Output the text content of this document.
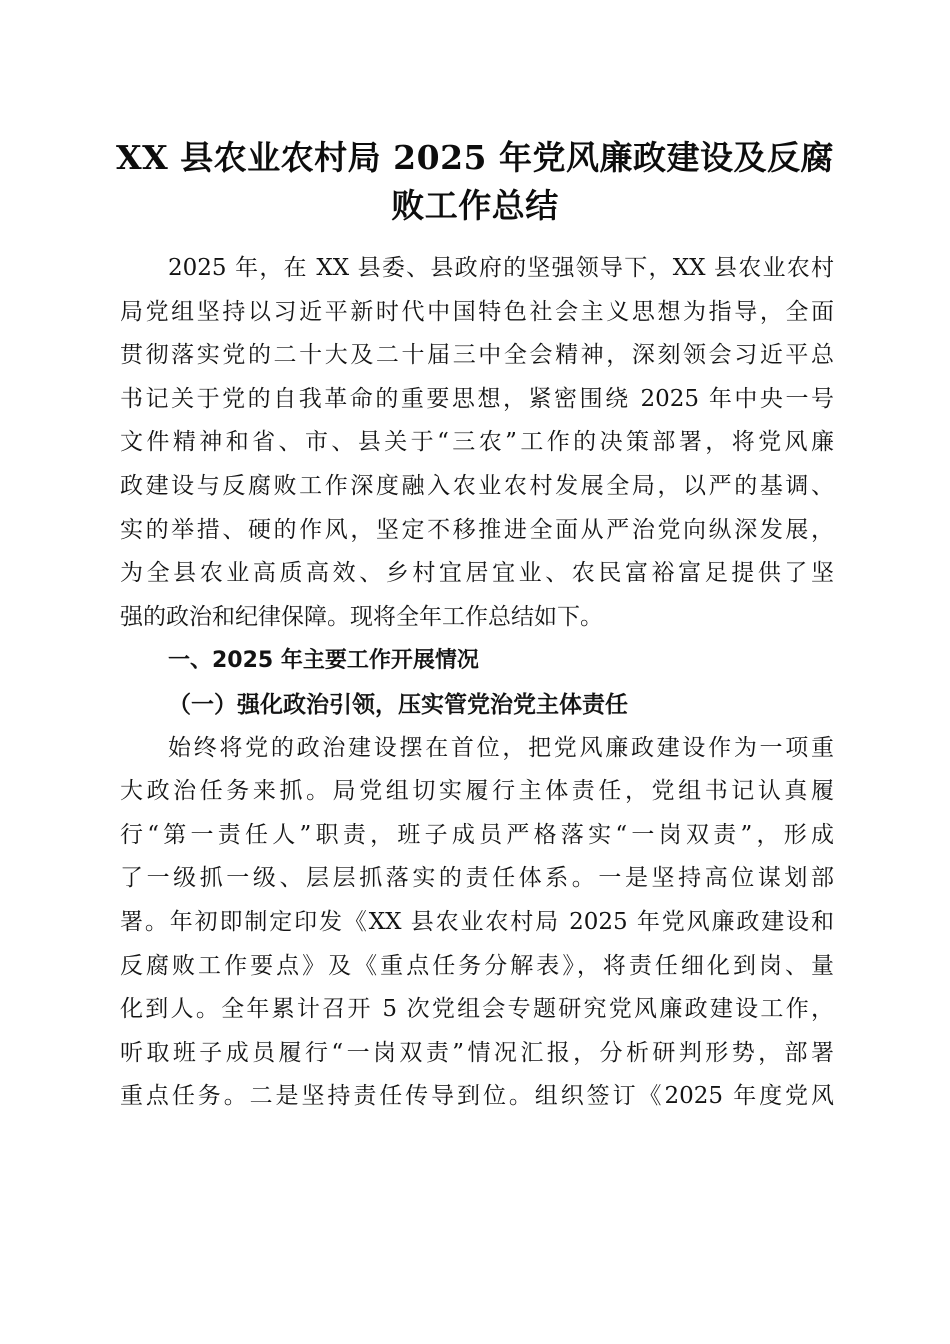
XX 县农业农村局 2025 年党风廉政建设及反腐
败工作总结
2025 年，在 XX 县委、县政府的坚强领导下，XX 县农业农村
局党组坚持以习近平新时代中国特色社会主义思想为指导，全面
贯彻落实党的二十大及二十届三中全会精神，深刻领会习近平总
书记关于党的自我革命的重要思想，紧密围绕 2025 年中央一号
文件精神和省、市、县关于“三农”工作的决策部署，将党风廉
政建设与反腐败工作深度融入农业农村发展全局，以严的基调、
实的举措、硬的作风，坚定不移推进全面从严治党向纵深发展，
为全县农业高质高效、乡村宜居宜业、农民富裕富足提供了坚
强的政治和纪律保障。现将全年工作总结如下。
一、2025 年主要工作开展情况
（一）强化政治引领，压实管党治党主体责任
始终将党的政治建设摆在首位，把党风廉政建设作为一项重
大政治任务来抓。局党组切实履行主体责任，党组书记认真履
行“第一责任人”职责，班子成员严格落实“一岗双责”，形成
了一级抓一级、层层抓落实的责任体系。一是坚持高位谋划部
署。年初即制定印发《XX 县农业农村局 2025 年党风廉政建设和
反腐败工作要点》及《重点任务分解表》，将责任细化到岗、量
化到人。全年累计召开 5 次党组会专题研究党风廉政建设工作，
听取班子成员履行“一岗双责”情况汇报，分析研判形势，部署
重点任务。二是坚持责任传导到位。组织签订《2025 年度党风
